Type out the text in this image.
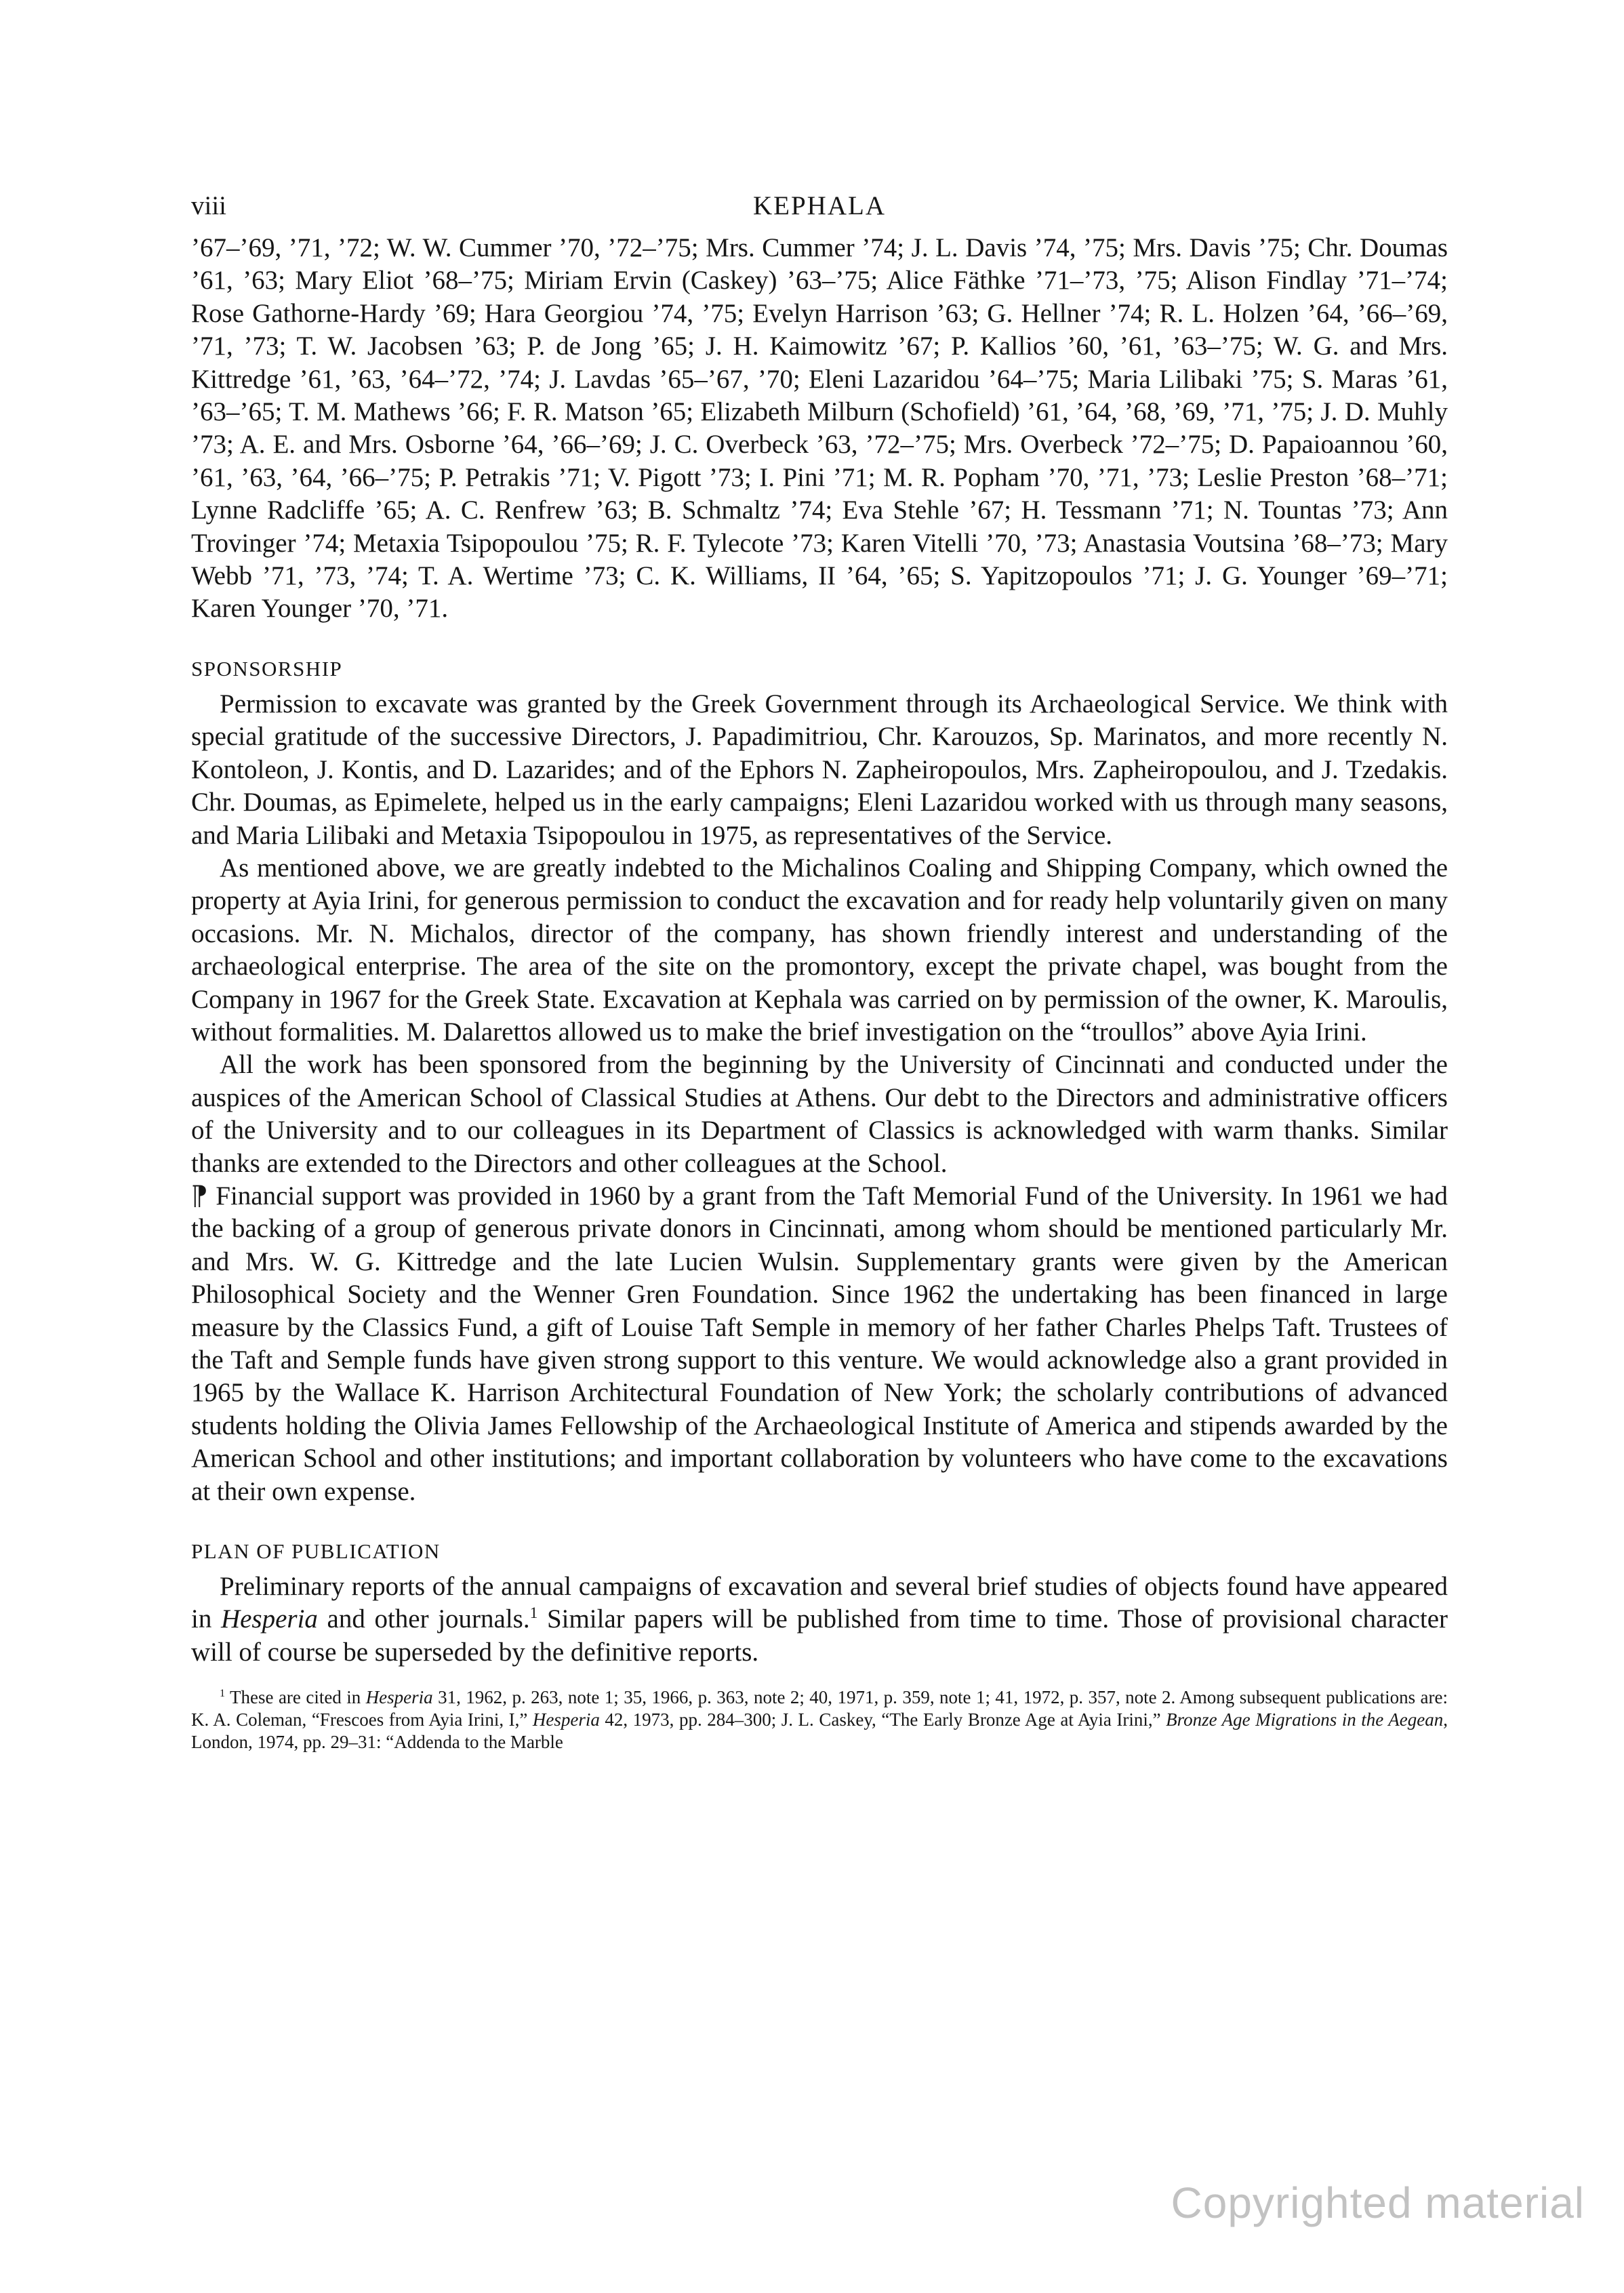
viii	KEPHALA

’67–’69, ’71, ’72; W. W. Cummer ’70, ’72–’75; Mrs. Cummer ’74; J. L. Davis ’74, ’75; Mrs. Davis ’75; Chr. Doumas ’61, ’63; Mary Eliot ’68–’75; Miriam Ervin (Caskey) ’63–’75; Alice Fäthke ’71–’73, ’75; Alison Findlay ’71–’74; Rose Gathorne-Hardy ’69; Hara Georgiou ’74, ’75; Evelyn Harrison ’63; G. Hellner ’74; R. L. Holzen ’64, ’66–’69, ’71, ’73; T. W. Jacobsen ’63; P. de Jong ’65; J. H. Kaimowitz ’67; P. Kallios ’60, ’61, ’63–’75; W. G. and Mrs. Kittredge ’61, ’63, ’64–’72, ’74; J. Lavdas ’65–’67, ’70; Eleni Lazaridou ’64–’75; Maria Lilibaki ’75; S. Maras ’61, ’63–’65; T. M. Mathews ’66; F. R. Matson ’65; Elizabeth Milburn (Schofield) ’61, ’64, ’68, ’69, ’71, ’75; J. D. Muhly ’73; A. E. and Mrs. Osborne ’64, ’66–’69; J. C. Overbeck ’63, ’72–’75; Mrs. Overbeck ’72–’75; D. Papaioannou ’60, ’61, ’63, ’64, ’66–’75; P. Petrakis ’71; V. Pigott ’73; I. Pini ’71; M. R. Popham ’70, ’71, ’73; Leslie Preston ’68–’71; Lynne Radcliffe ’65; A. C. Renfrew ’63; B. Schmaltz ’74; Eva Stehle ’67; H. Tessmann ’71; N. Tountas ’73; Ann Trovinger ’74; Metaxia Tsipopoulou ’75; R. F. Tylecote ’73; Karen Vitelli ’70, ’73; Anastasia Voutsina ’68–’73; Mary Webb ’71, ’73, ’74; T. A. Wertime ’73; C. K. Williams, II ’64, ’65; S. Yapitzopoulos ’71; J. G. Younger ’69–’71; Karen Younger ’70, ’71.

SPONSORSHIP

Permission to excavate was granted by the Greek Government through its Archaeological Service. We think with special gratitude of the successive Directors, J. Papadimitriou, Chr. Karouzos, Sp. Marinatos, and more recently N. Kontoleon, J. Kontis, and D. Lazarides; and of the Ephors N. Zapheiropoulos, Mrs. Zapheiropoulou, and J. Tzedakis. Chr. Doumas, as Epimelete, helped us in the early campaigns; Eleni Lazaridou worked with us through many seasons, and Maria Lilibaki and Metaxia Tsipopoulou in 1975, as representatives of the Service.

As mentioned above, we are greatly indebted to the Michalinos Coaling and Shipping Company, which owned the property at Ayia Irini, for generous permission to conduct the excavation and for ready help voluntarily given on many occasions. Mr. N. Michalos, director of the company, has shown friendly interest and understanding of the archaeological enterprise. The area of the site on the promontory, except the private chapel, was bought from the Company in 1967 for the Greek State. Excavation at Kephala was carried on by permission of the owner, K. Maroulis, without formalities. M. Dalarettos allowed us to make the brief investigation on the “troullos” above Ayia Irini.

All the work has been sponsored from the beginning by the University of Cincinnati and conducted under the auspices of the American School of Classical Studies at Athens. Our debt to the Directors and administrative officers of the University and to our colleagues in its Department of Classics is acknowledged with warm thanks. Similar thanks are extended to the Directors and other colleagues at the School.

⁋ Financial support was provided in 1960 by a grant from the Taft Memorial Fund of the University. In 1961 we had the backing of a group of generous private donors in Cincinnati, among whom should be mentioned particularly Mr. and Mrs. W. G. Kittredge and the late Lucien Wulsin. Supplementary grants were given by the American Philosophical Society and the Wenner Gren Foundation. Since 1962 the undertaking has been financed in large measure by the Classics Fund, a gift of Louise Taft Semple in memory of her father Charles Phelps Taft. Trustees of the Taft and Semple funds have given strong support to this venture. We would acknowledge also a grant provided in 1965 by the Wallace K. Harrison Architectural Foundation of New York; the scholarly contributions of advanced students holding the Olivia James Fellowship of the Archaeological Institute of America and stipends awarded by the American School and other institutions; and important collaboration by volunteers who have come to the excavations at their own expense.

PLAN OF PUBLICATION

Preliminary reports of the annual campaigns of excavation and several brief studies of objects found have appeared in Hesperia and other journals.$^1$ Similar papers will be published from time to time. Those of provisional character will of course be superseded by the definitive reports.

$^1$ These are cited in Hesperia 31, 1962, p. 263, note 1; 35, 1966, p. 363, note 2; 40, 1971, p. 359, note 1; 41, 1972, p. 357, note 2. Among subsequent publications are: K. A. Coleman, “Frescoes from Ayia Irini, I,” Hesperia 42, 1973, pp. 284–300; J. L. Caskey, “The Early Bronze Age at Ayia Irini,” Bronze Age Migrations in the Aegean, London, 1974, pp. 29–31: “Addenda to the Marble

Copyrighted material
